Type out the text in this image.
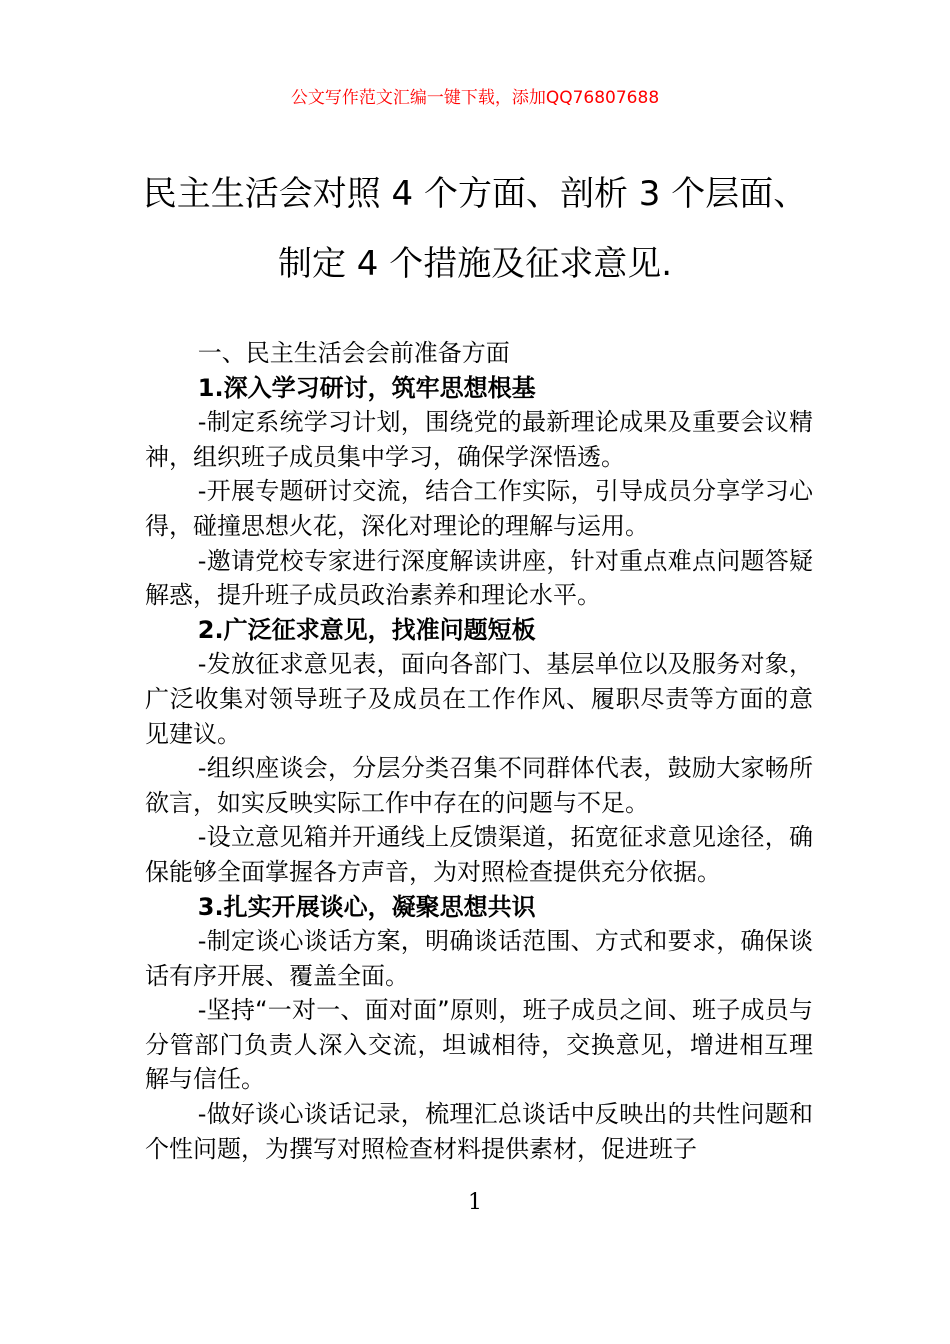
公文写作范文汇编一键下载，添加QQ76807688
民主生活会对照 4 个方面、剖析 3 个层面、
制定 4 个措施及征求意见.

一、民主生活会会前准备方面

1.深入学习研讨，筑牢思想根基

-制定系统学习计划，围绕党的最新理论成果及重要会议精神，组织班子成员集中学习，确保学深悟透。

-开展专题研讨交流，结合工作实际，引导成员分享学习心得，碰撞思想火花，深化对理论的理解与运用。

-邀请党校专家进行深度解读讲座，针对重点难点问题答疑解惑，提升班子成员政治素养和理论水平。

2.广泛征求意见，找准问题短板

-发放征求意见表，面向各部门、基层单位以及服务对象，广泛收集对领导班子及成员在工作作风、履职尽责等方面的意见建议。

-组织座谈会，分层分类召集不同群体代表，鼓励大家畅所欲言，如实反映实际工作中存在的问题与不足。

-设立意见箱并开通线上反馈渠道，拓宽征求意见途径，确保能够全面掌握各方声音，为对照检查提供充分依据。

3.扎实开展谈心，凝聚思想共识

-制定谈心谈话方案，明确谈话范围、方式和要求，确保谈话有序开展、覆盖全面。

-坚持“一对一、面对面”原则，班子成员之间、班子成员与分管部门负责人深入交流，坦诚相待，交换意见，增进相互理解与信任。

-做好谈心谈话记录，梳理汇总谈话中反映出的共性问题和个性问题，为撰写对照检查材料提供素材，促进班子

1
